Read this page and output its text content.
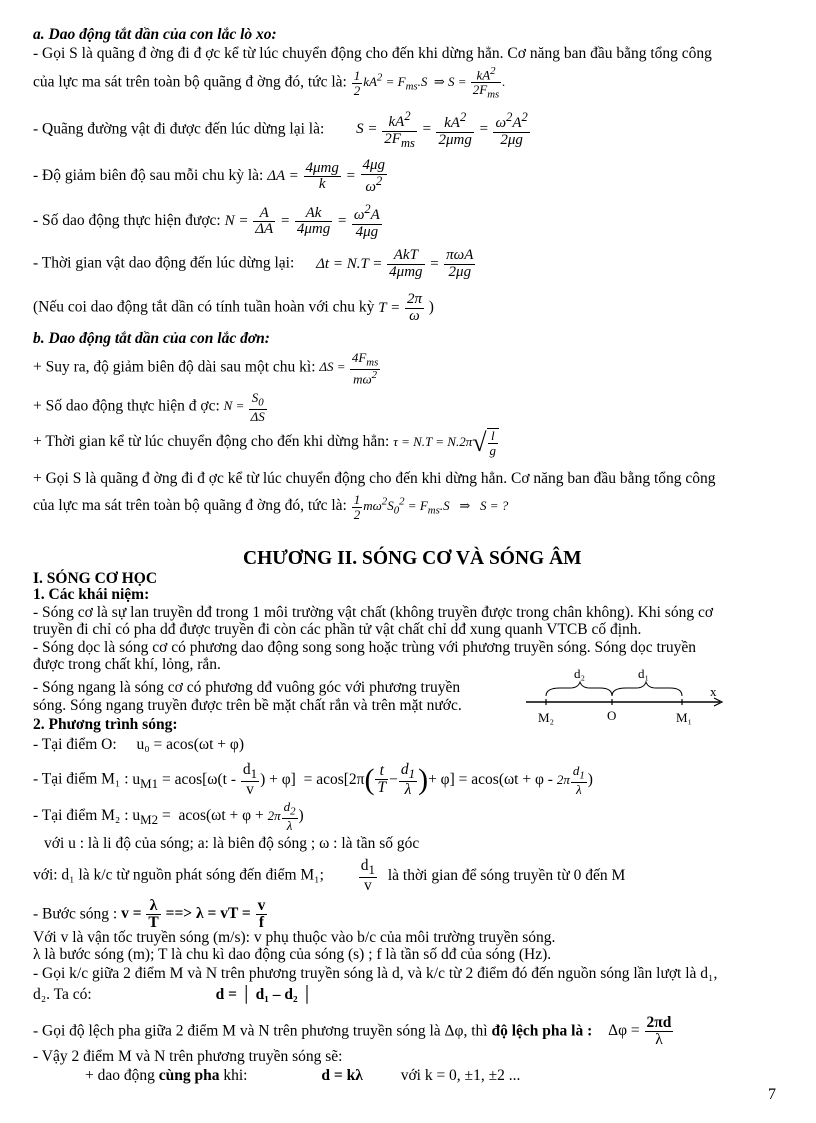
a. Dao động tắt dần của con lắc lò xo:
- Gọi S là quãng đ ờng đi đ ợc kể từ lúc chuyển động cho đến khi dừng hẳn. Cơ năng ban đầu bằng tổng công
của lực ma sát trên toàn bộ quãng đ ờng đó, tức là: $\frac{1}{2} kA^2 = F_{ms}.S$  ⇒ $S = kA^2$
$2F_{ms}$
.
- Quãng đường vật đi được đến lúc dừng lại là: $S = kA^2$
$2F_{ms}$
= $kA^2$
2μmg
= $\frac{\omega^2A^2}{2\mu g}$
- Độ giảm biên độ sau mỗi chu kỳ là: ΔA =
4μmg
k
= $\frac{4\mu g}{\omega^2}$
- Số dao động thực hiện được: $N = \frac{A}{\Delta A}$ =
Ak
4μmg
= $\frac{\omega^2A}{4\mu g}$
- Thời gian vật dao động đến lúc dừng lại: Δt = N.T =
AkT
4μmg
=
πωA
2μg
(Nếu coi dao động tắt dần có tính tuần hoàn với chu kỳ $T = \frac{2\pi}{\omega}$ )
b. Dao động tắt dần của con lắc đơn:
+ Suy ra, độ giảm biên độ dài sau một chu kì: ΔS =
$4F_{ms}$
$m\omega^2$
+ Số dao động thực hiện đ ợc: $N = \frac{S_0}{\Delta S}$
+ Thời gian kể từ lúc chuyển động cho đến khi dừng hẳn: $\tau = N.T = N.2\pi√ \frac{l}{g}$
+ Gọi S là quãng đ ờng đi đ ợc kể từ lúc chuyển động cho đến khi dừng hẳn. Cơ năng ban đầu bằng tổng công
của lực ma sát trên toàn bộ quãng đ ờng đó, tức là: $\frac{1}{2} m\omega^2S_0^2 = F_{ms}.S$   ⇒   S = ?
CHƯƠNG II. SÓNG CƠ VÀ SÓNG ÂM
I. SÓNG CƠ HỌC
1. Các khái niệm:
- Sóng cơ là sự lan truyền dđ trong 1 môi trường vật chất (không truyền được trong chân không). Khi sóng cơ
truyền đi chỉ có pha dđ được truyền đi còn các phần tử vật chất chỉ dđ xung quanh VTCB cố định.
- Sóng dọc là sóng cơ có phương dao động song song hoặc trùng với phương truyền sóng. Sóng dọc truyền
được trong chất khí, lỏng, rắn.
- Sóng ngang là sóng cơ có phương dđ vuông góc với phương truyền
sóng. Sóng ngang truyền được trên bề mặt chất rắn và trên mặt nước.
d₂	d₁
x
M₂	O	M₁
2. Phương trình sóng:
- Tại điểm O: u₀ = acos(ωt + φ)
- Tại điểm M₁ : $u_{M1} = acos[\omega(t - \frac{d_1}{v}$ ) + $\varphi] = acos[2\pi( \frac{t}{T} - \frac{d_1}{\lambda}$ )+ $\varphi] = acos(\omega t + \varphi - 2\pi \frac{d_1}{\lambda}$ )
- Tại điểm M₂ : $u_{M2} = acos(\omega t + \varphi + 2\pi \frac{d_2}{\lambda}$ )
với u : là li độ của sóng; a: là biên độ sóng ; ω : là tần số góc
với: d₁ là k/c từ nguồn phát sóng đến điểm M₁; $\frac{d_1}{v}$ là thời gian để sóng truyền từ 0 đến M
- Bước sóng : $v = \frac{\lambda}{T}$ ==> λ = vT = $\frac{v}{f}$
Với v là vận tốc truyền sóng (m/s): v phụ thuộc vào b/c của môi trường truyền sóng.
λ là bước sóng (m); T là chu kì dao động của sóng (s) ; f là tần số dđ của sóng (Hz).
- Gọi k/c giữa 2 điểm M và N trên phương truyền sóng là d, và k/c từ 2 điểm đó đến nguồn sóng lần lượt là d₁,
d₂. Ta có:	d = │ d₁ – d₂ │
- Gọi độ lệch pha giữa 2 điểm M và N trên phương truyền sóng là Δφ, thì độ lệch pha là : $\Delta\varphi = \frac{2\pi d}{\lambda}$
- Vậy 2 điểm M và N trên phương truyền sóng sẽ:
+ dao động cùng pha khi:	d = kλ với k = 0, ±1, ±2 ...
7
